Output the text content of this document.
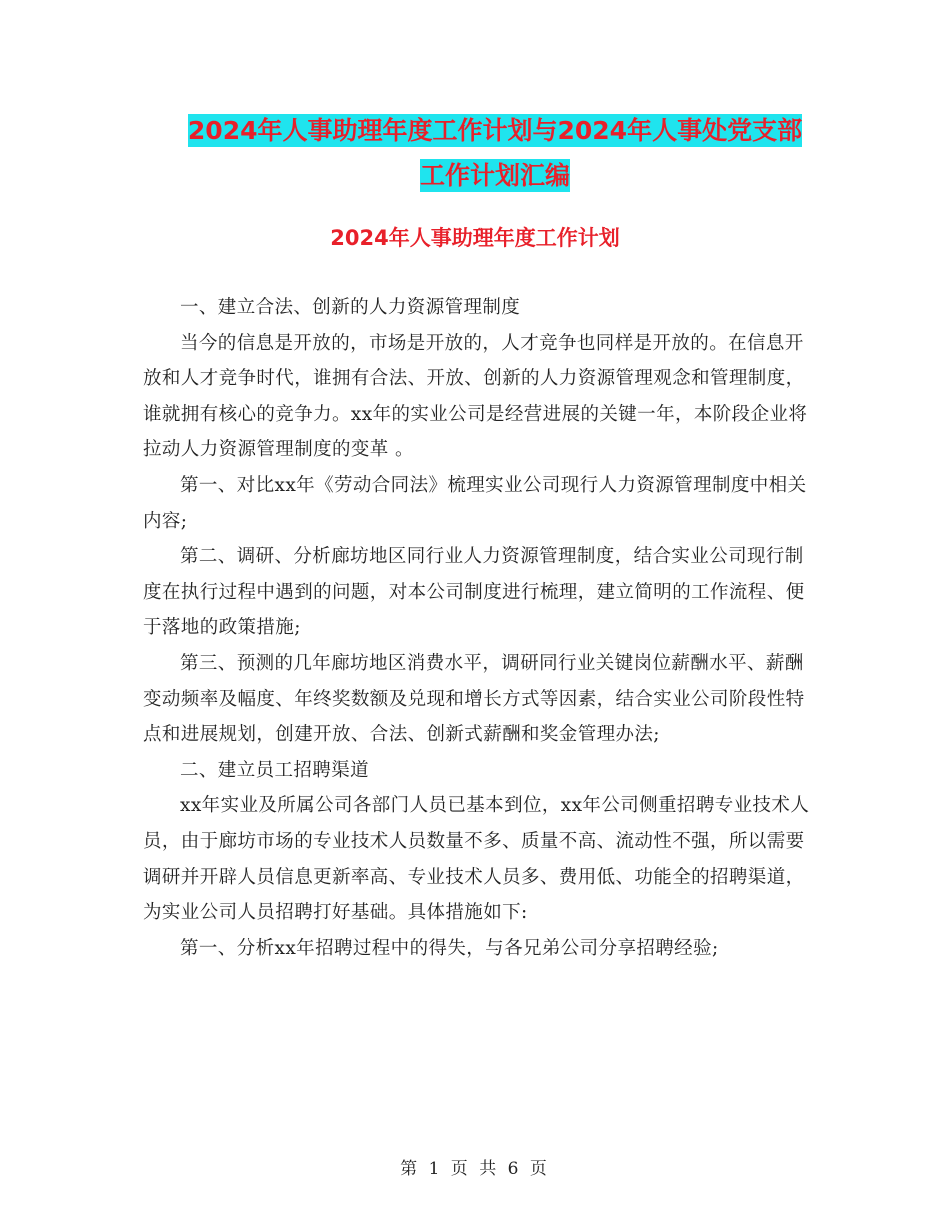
2024年人事助理年度工作计划与2024年人事处党支部
工作计划汇编
2024年人事助理年度工作计划

一、建立合法、创新的人力资源管理制度

当今的信息是开放的，市场是开放的，人才竞争也同样是开放的。在信息开放和人才竞争时代，谁拥有合法、开放、创新的人力资源管理观念和管理制度，谁就拥有核心的竞争力。xx年的实业公司是经营进展的关键一年，本阶段企业将拉动人力资源管理制度的变革 。

第一、对比xx年《劳动合同法》梳理实业公司现行人力资源管理制度中相关内容;

第二、调研、分析廊坊地区同行业人力资源管理制度，结合实业公司现行制度在执行过程中遇到的问题，对本公司制度进行梳理，建立简明的工作流程、便于落地的政策措施;

第三、预测的几年廊坊地区消费水平，调研同行业关键岗位薪酬水平、薪酬变动频率及幅度、年终奖数额及兑现和增长方式等因素，结合实业公司阶段性特点和进展规划，创建开放、合法、创新式薪酬和奖金管理办法;

二、建立员工招聘渠道

xx年实业及所属公司各部门人员已基本到位，xx年公司侧重招聘专业技术人员，由于廊坊市场的专业技术人员数量不多、质量不高、流动性不强，所以需要调研并开辟人员信息更新率高、专业技术人员多、费用低、功能全的招聘渠道，为实业公司人员招聘打好基础。具体措施如下:

第一、分析xx年招聘过程中的得失，与各兄弟公司分享招聘经验;

第 1 页 共 6 页
